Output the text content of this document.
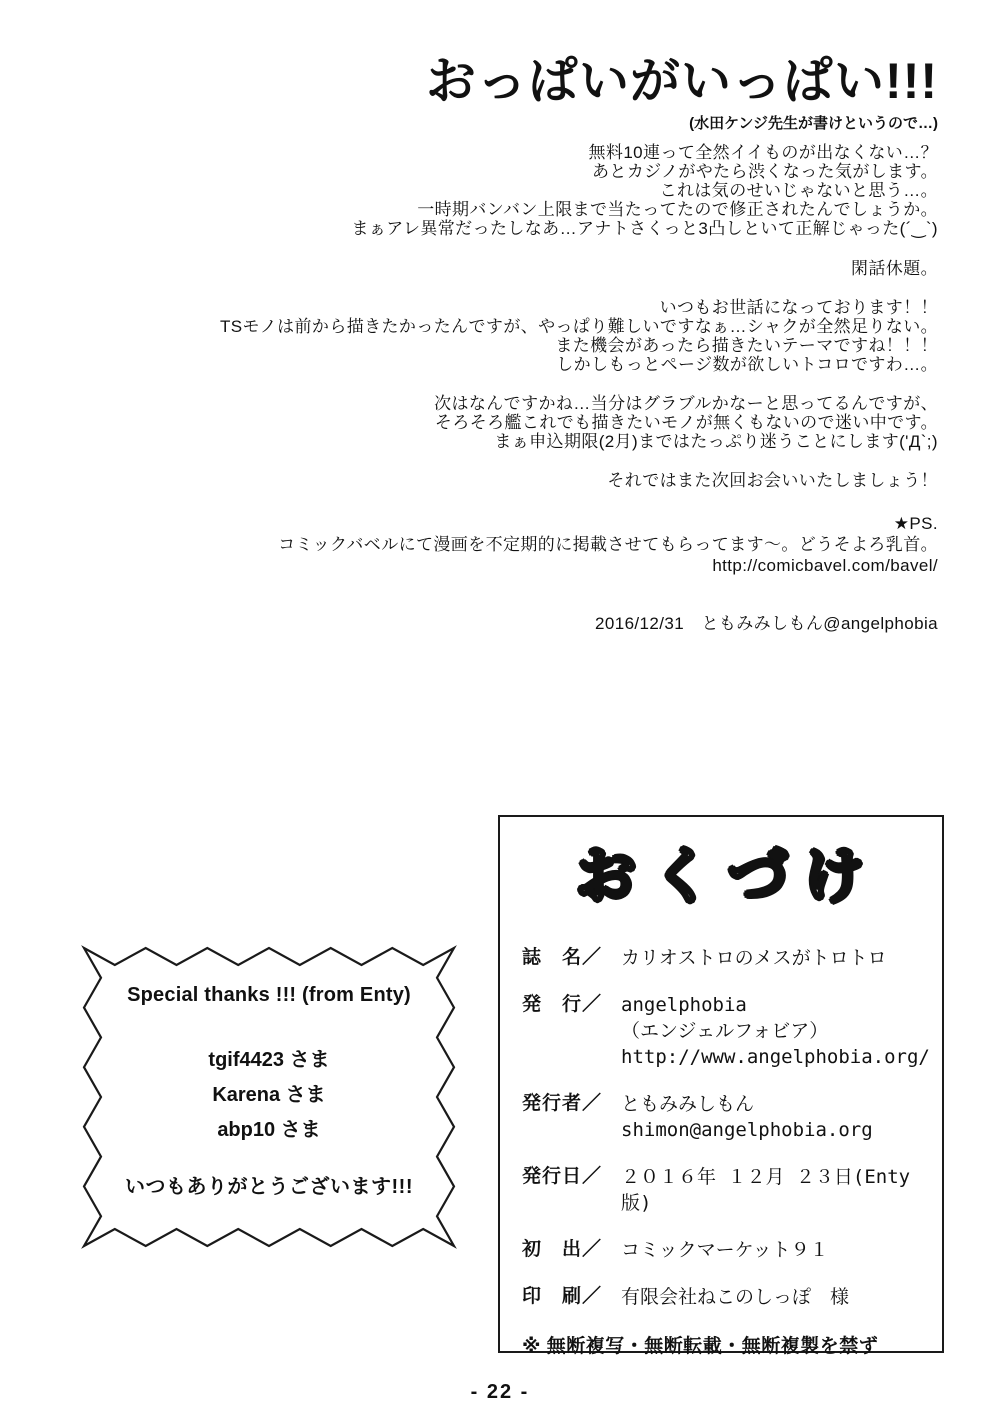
おっぱいがいっぱい!!!
(水田ケンジ先生が書けというので…)
無料10連って全然イイものが出なくない…？
あとカジノがやたら渋くなった気がします。
これは気のせいじゃないと思う…。
一時期バンバン上限まで当たってたので修正されたんでしょうか。
まぁアレ異常だったしなあ…アナトさくっと3凸しといて正解じゃった(´‿`)
閑話休題。
いつもお世話になっております！！
TSモノは前から描きたかったんですが、やっぱり難しいですなぁ…シャクが全然足りない。
また機会があったら描きたいテーマですね！！！
しかしもっとページ数が欲しいトコロですわ…。
次はなんですかね…当分はグラブルかなーと思ってるんですが、
そろそろ艦これでも描きたいモノが無くもないので迷い中です。
まぁ申込期限(2月)まではたっぷり迷うことにします('Д`;)
それではまた次回お会いいたしましょう！
★PS.
コミックバベルにて漫画を不定期的に掲載させてもらってます～。どうそよろ乳首。
http://comicbavel.com/bavel/
2016/12/31　ともみみしもん@angelphobia
Special thanks !!! (from Enty)
tgif4423 さま
Karena さま
abp10 さま
いつもありがとうございます!!!
おくづけ
誌　名／ カリオストロのメスがトロトロ
発　行／ angelphobia
（エンジェルフォビア）
http://www.angelphobia.org/
発行者／ ともみみしもん
shimon@angelphobia.org
発行日／ ２０１６年 １２月 ２３日(Enty版)
初　出／ コミックマーケット９１
印　刷／ 有限会社ねこのしっぽ　様
※ 無断複写・無断転載・無断複製を禁ず
- 22 -
